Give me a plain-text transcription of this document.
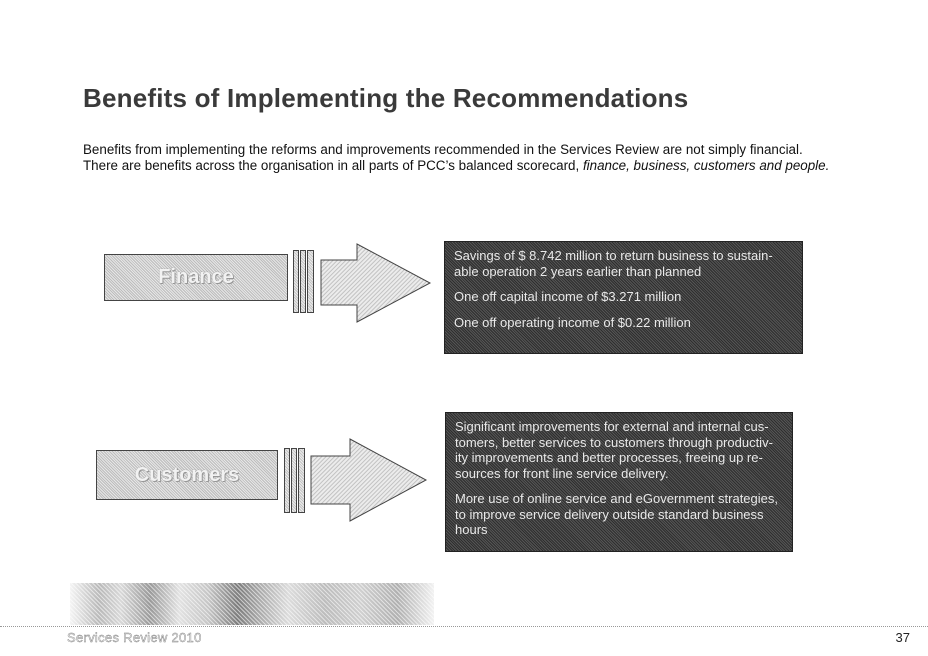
Benefits of Implementing the Recommendations
Benefits from implementing the reforms and improvements recommended in the Services Review are not simply financial.
There are benefits across the organisation in all parts of PCC’s balanced scorecard, finance, business, customers and people.
Finance

Savings of $ 8.742 million to return business to sustain-able operation 2 years earlier than planned

One off capital income of $3.271 million

One off operating income of $0.22 million

Customers

Significant improvements for external and internal cus-tomers, better services to customers through productiv-ity improvements and better processes, freeing up re-sources for front line service delivery.

More use of online service and eGovernment strategies, to improve service delivery outside standard business hours

Services Review 2010	37
